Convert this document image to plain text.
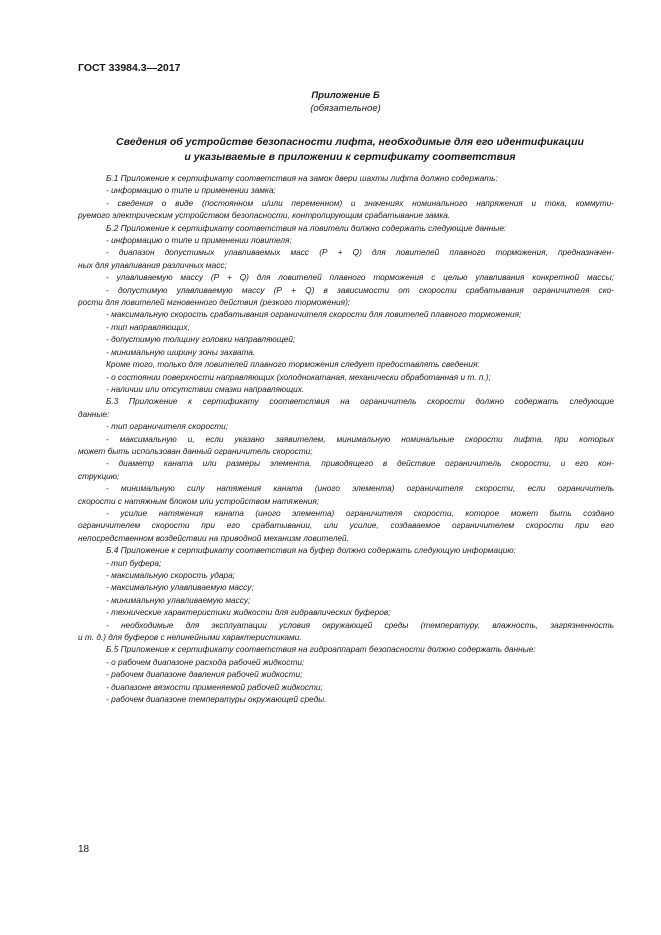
ГОСТ 33984.3—2017
Приложение Б
(обязательное)
Сведения об устройстве безопасности лифта, необходимые для его идентификации
и указываемые в приложении к сертификату соответствия
Б.1 Приложение к сертификату соответствия на замок двери шахты лифта должно содержать:
- информацию о типе и применении замка;
- сведения о виде (постоянном и/или переменном) и значениях номинального напряжения и тока, коммути-
руемого электрическим устройством безопасности, контролирующим срабатывание замка.
Б.2 Приложение к сертификату соответствия на ловители должно содержать следующие данные:
- информацию о типе и применении ловителя;
- диапазон допустимых улавливаемых масс (Р + Q) для ловителей плавного торможения, предназначен-
ных для улавливания различных масс;
- улавливаемую массу (Р + Q) для ловителей плавного торможения с целью улавливания конкретной массы;
- допустимую улавливаемую массу (Р + Q) в зависимости от скорости срабатывания ограничителя ско-
рости для ловителей мгновенного действия (резкого торможения);
- максимальную скорость срабатывания ограничителя скорости для ловителей плавного торможения;
- тип направляющих;
- допустимую толщину головки направляющей;
- минимальную ширину зоны захвата.
Кроме того, только для ловителей плавного торможения следует предоставлять сведения:
- о состоянии поверхности направляющих (холоднокатаная, механически обработанная и т. п.);
- наличии или отсутствии смазки направляющих.
Б.3 Приложение к сертификату соответствия на ограничитель скорости должно содержать следующие
данные:
- тип ограничителя скорости;
- максимальную и, если указано заявителем, минимальную номинальные скорости лифта, при которых
может быть использован данный ограничитель скорости;
- диаметр каната или размеры элемента, приводящего в действие ограничитель скорости, и его кон-
струкцию;
- минимальную силу натяжения каната (иного элемента) ограничителя скорости, если ограничитель
скорости с натяжным блоком или устройством натяжения;
- усилие натяжения каната (иного элемента) ограничителя скорости, которое может быть создано
ограничителем скорости при его срабатывании, или усилие, создаваемое ограничителем скорости при его
непосредственном воздействии на приводной механизм ловителей.
Б.4 Приложение к сертификату соответствия на буфер должно содержать следующую информацию:
- тип буфера;
- максимальную скорость удара;
- максимальную улавливаемую массу;
- минимальную улавливаемую массу;
- технические характеристики жидкости для гидравлических буферов;
- необходимые для эксплуатации условия окружающей среды (температуру, влажность, загрязненность
и т. д.) для буферов с нелинейными характеристиками.
Б.5 Приложение к сертификату соответствия на гидроаппарат безопасности должно содержать данные:
- о рабочем диапазоне расхода рабочей жидкости;
- рабочем диапазоне давления рабочей жидкости;
- диапазоне вязкости применяемой рабочей жидкости;
- рабочем диапазоне температуры окружающей среды.
18
